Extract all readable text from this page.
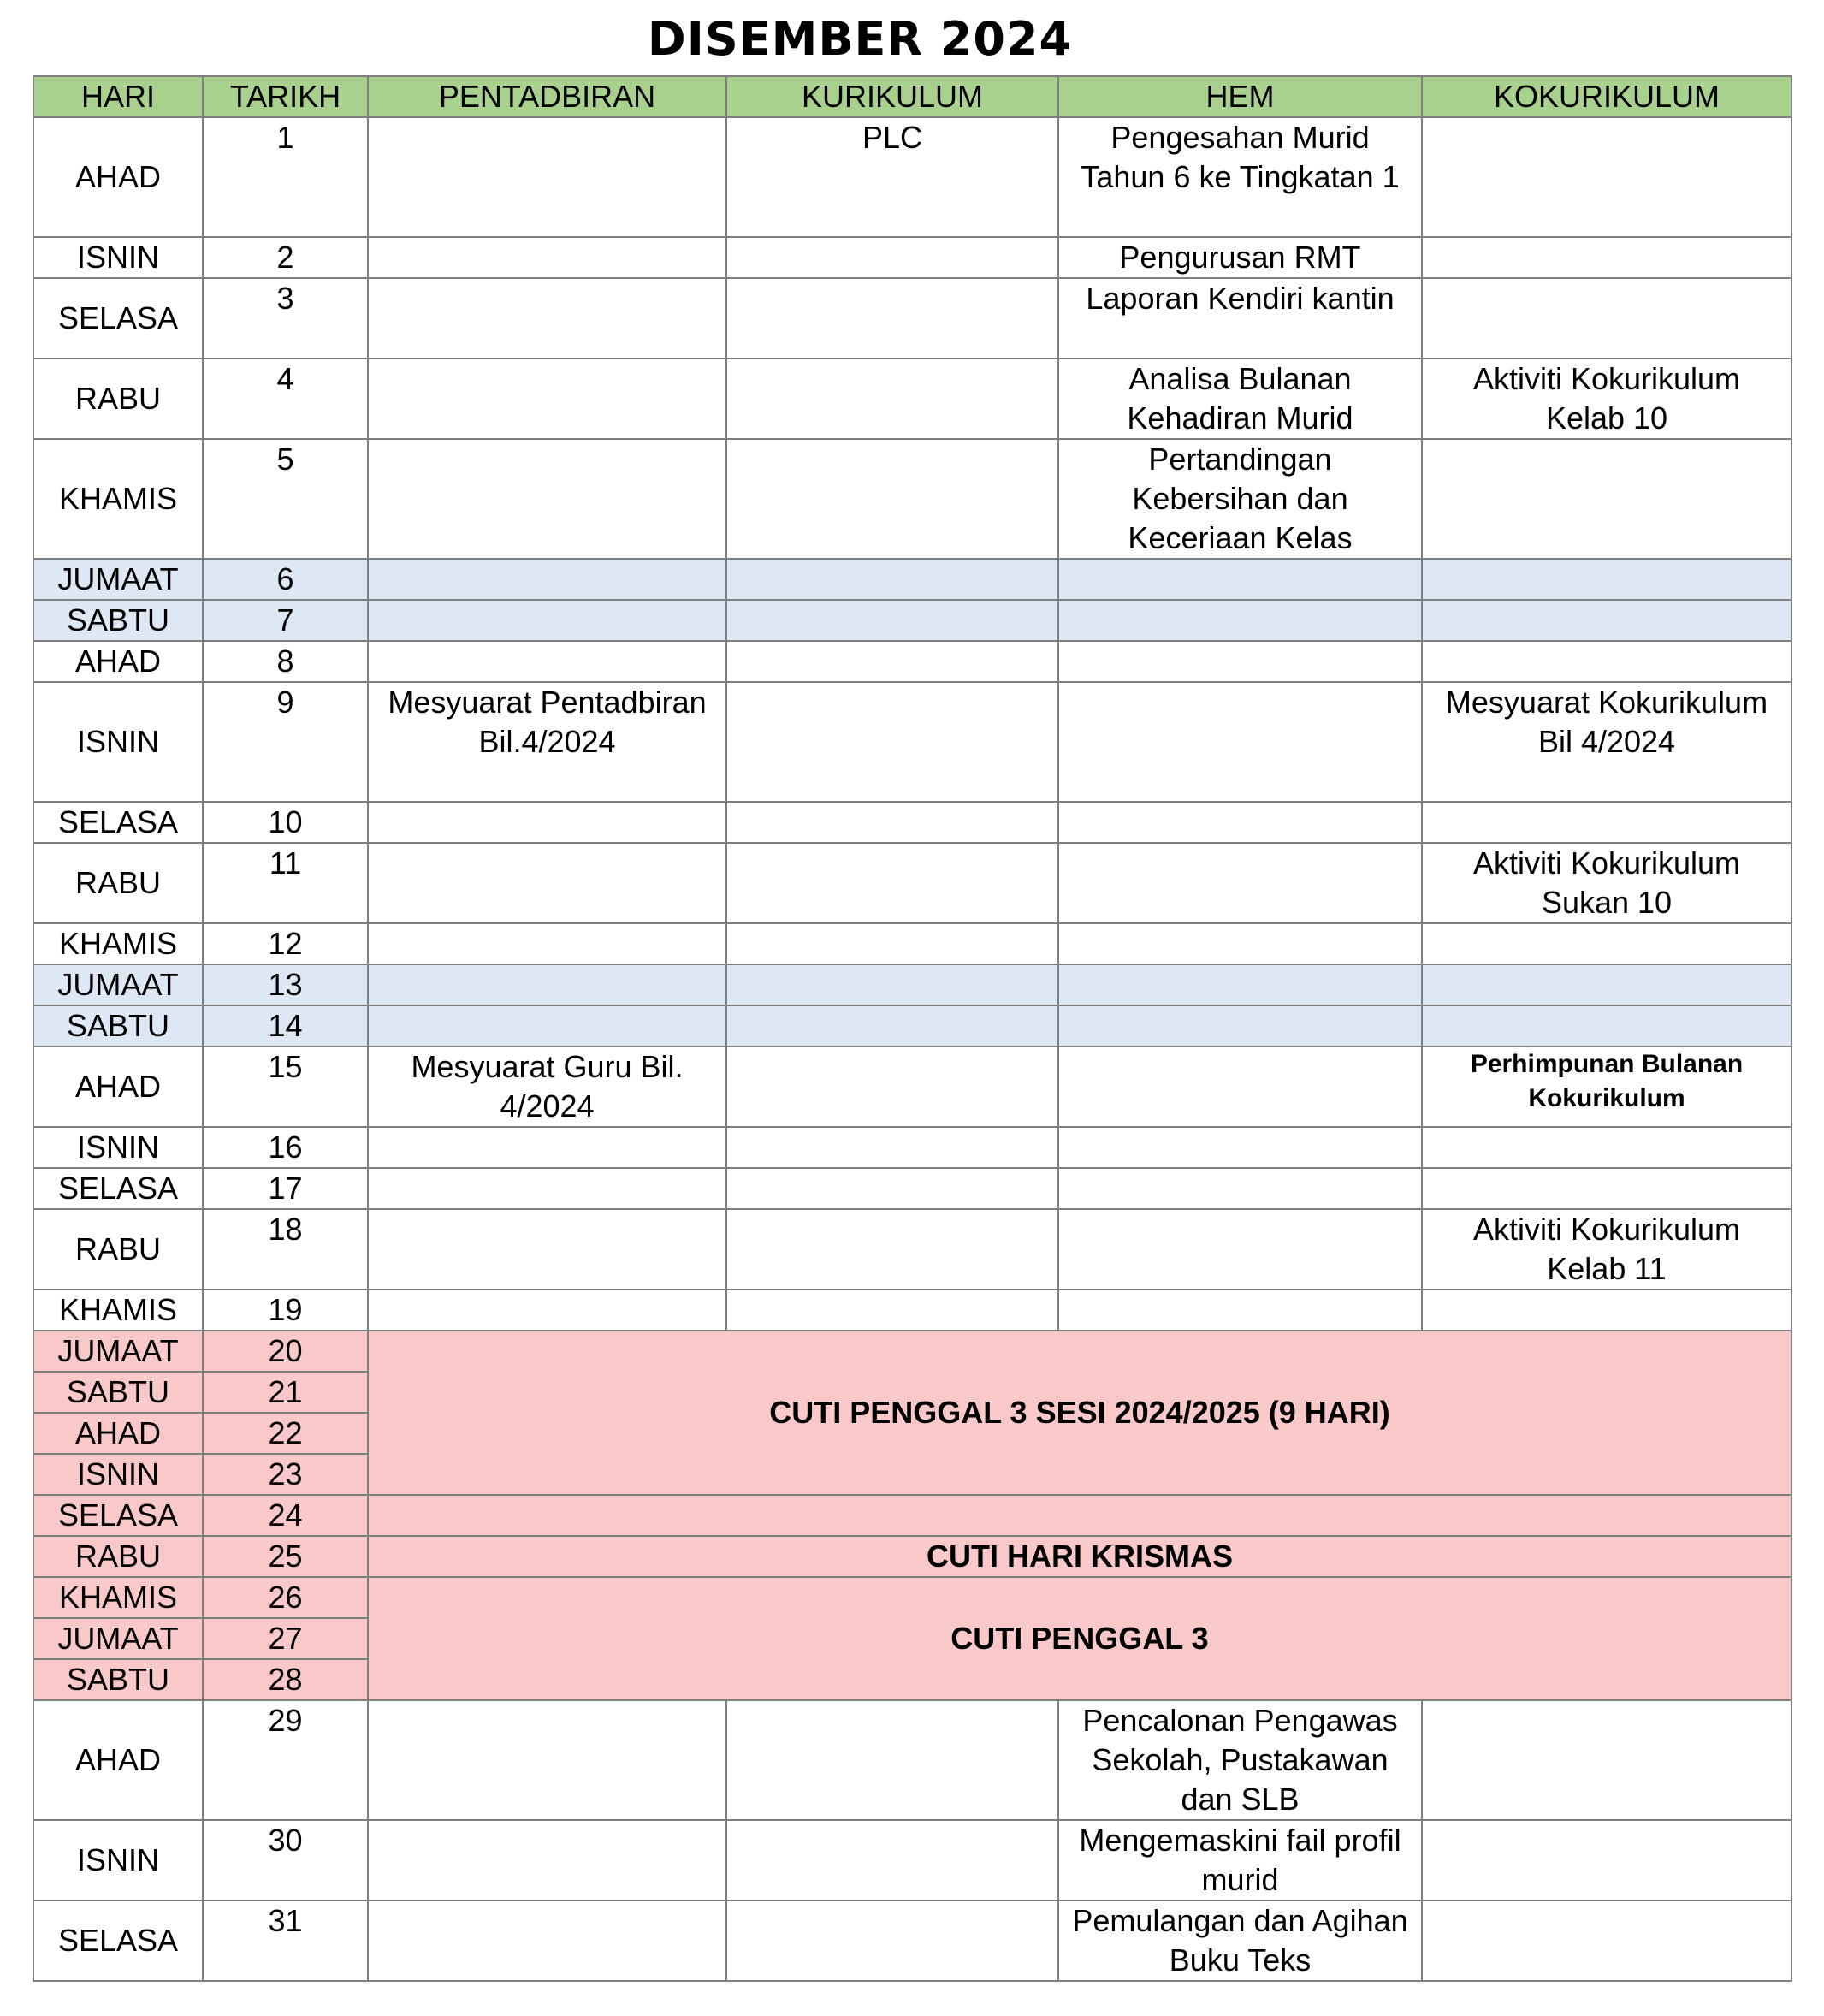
DISEMBER 2024
HARI	TARIKH	PENTADBIRAN	KURIKULUM	HEM	KOKURIKULUM
AHAD	1		PLC	Pengesahan Murid Tahun 6 ke Tingkatan 1	
ISNIN	2			Pengurusan RMT	
SELASA	3			Laporan Kendiri kantin	
RABU	4			Analisa Bulanan Kehadiran Murid	Aktiviti Kokurikulum Kelab 10
KHAMIS	5			Pertandingan Kebersihan dan Keceriaan Kelas	
JUMAAT	6				
SABTU	7				
AHAD	8				
ISNIN	9	Mesyuarat Pentadbiran Bil.4/2024			Mesyuarat Kokurikulum Bil 4/2024
SELASA	10				
RABU	11				Aktiviti Kokurikulum Sukan 10
KHAMIS	12				
JUMAAT	13				
SABTU	14				
AHAD	15	Mesyuarat Guru Bil. 4/2024			Perhimpunan Bulanan Kokurikulum
ISNIN	16				
SELASA	17				
RABU	18				Aktiviti Kokurikulum Kelab 11
KHAMIS	19				
JUMAAT	20	CUTI PENGGAL 3 SESI 2024/2025 (9 HARI)			
SABTU	21				
AHAD	22				
ISNIN	23				
SELASA	24				
RABU	25	CUTI HARI KRISMAS			
KHAMIS	26	CUTI PENGGAL 3			
JUMAAT	27				
SABTU	28				
AHAD	29			Pencalonan Pengawas Sekolah, Pustakawan dan SLB	
ISNIN	30			Mengemaskini fail profil murid	
SELASA	31			Pemulangan dan Agihan Buku Teks	
